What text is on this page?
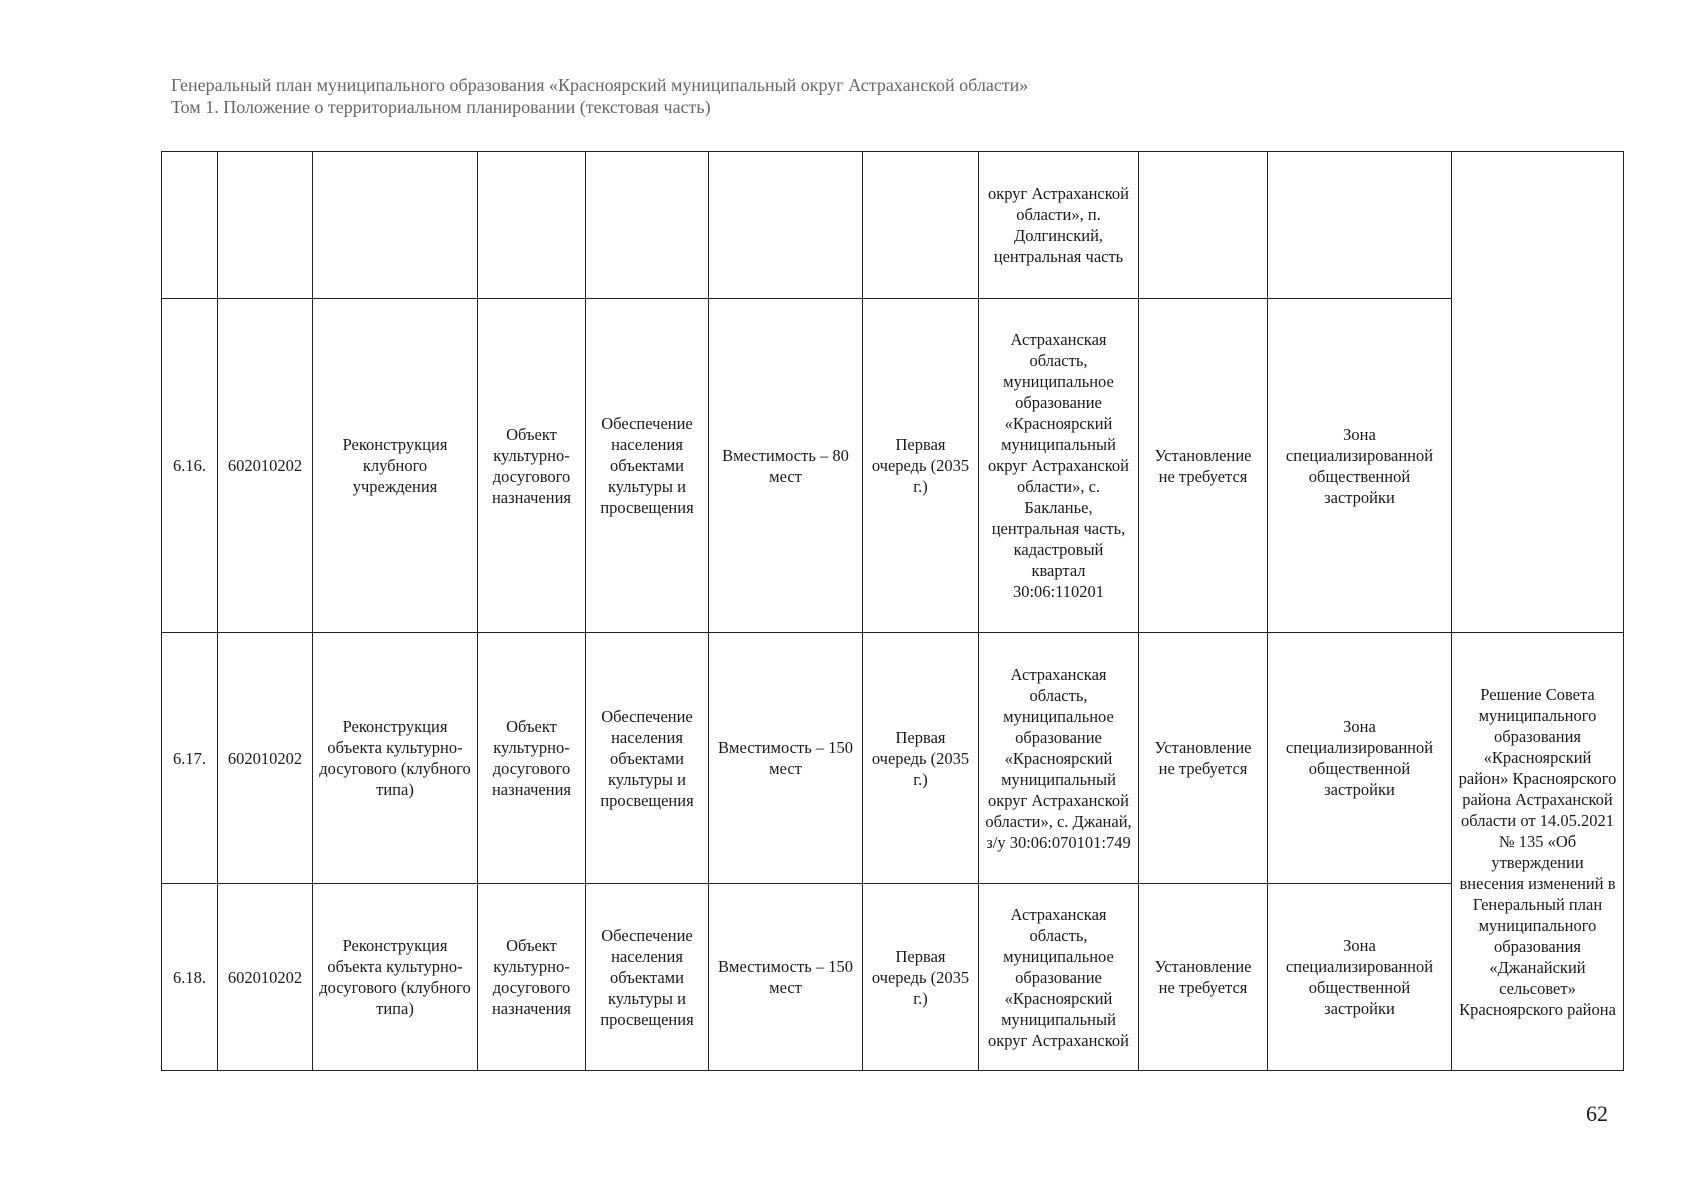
Генеральный план муниципального образования «Красноярский муниципальный округ Астраханской области»
Том 1. Положение о территориальном планировании (текстовая часть)
							округ Астраханской области», п. Долгинский, центральная часть			
6.16.	602010202	Реконструкция клубного учреждения	Объект культурно-досугового назначения	Обеспечение населения объектами культуры и просвещения	Вместимость – 80 мест	Первая очередь (2035 г.)	Астраханская область, муниципальное образование «Красноярский муниципальный округ Астраханской области», с. Бакланье, центральная часть, кадастровый квартал 30:06:110201	Установление не требуется	Зона специализированной общественной застройки	
6.17.	602010202	Реконструкция объекта культурно-досугового (клубного типа)	Объект культурно-досугового назначения	Обеспечение населения объектами культуры и просвещения	Вместимость – 150 мест	Первая очередь (2035 г.)	Астраханская область, муниципальное образование «Красноярский муниципальный округ Астраханской области», с. Джанай, з/у 30:06:070101:749	Установление не требуется	Зона специализированной общественной застройки	Решение Совета муниципального образования «Красноярский район» Красноярского района Астраханской области от 14.05.2021 № 135 «Об утверждении внесения изменений в Генеральный план муниципального образования «Джанайский сельсовет» Красноярского района
6.18.	602010202	Реконструкция объекта культурно-досугового (клубного типа)	Объект культурно-досугового назначения	Обеспечение населения объектами культуры и просвещения	Вместимость – 150 мест	Первая очередь (2035 г.)	Астраханская область, муниципальное образование «Красноярский муниципальный округ Астраханской	Установление не требуется	Зона специализированной общественной застройки	
62
